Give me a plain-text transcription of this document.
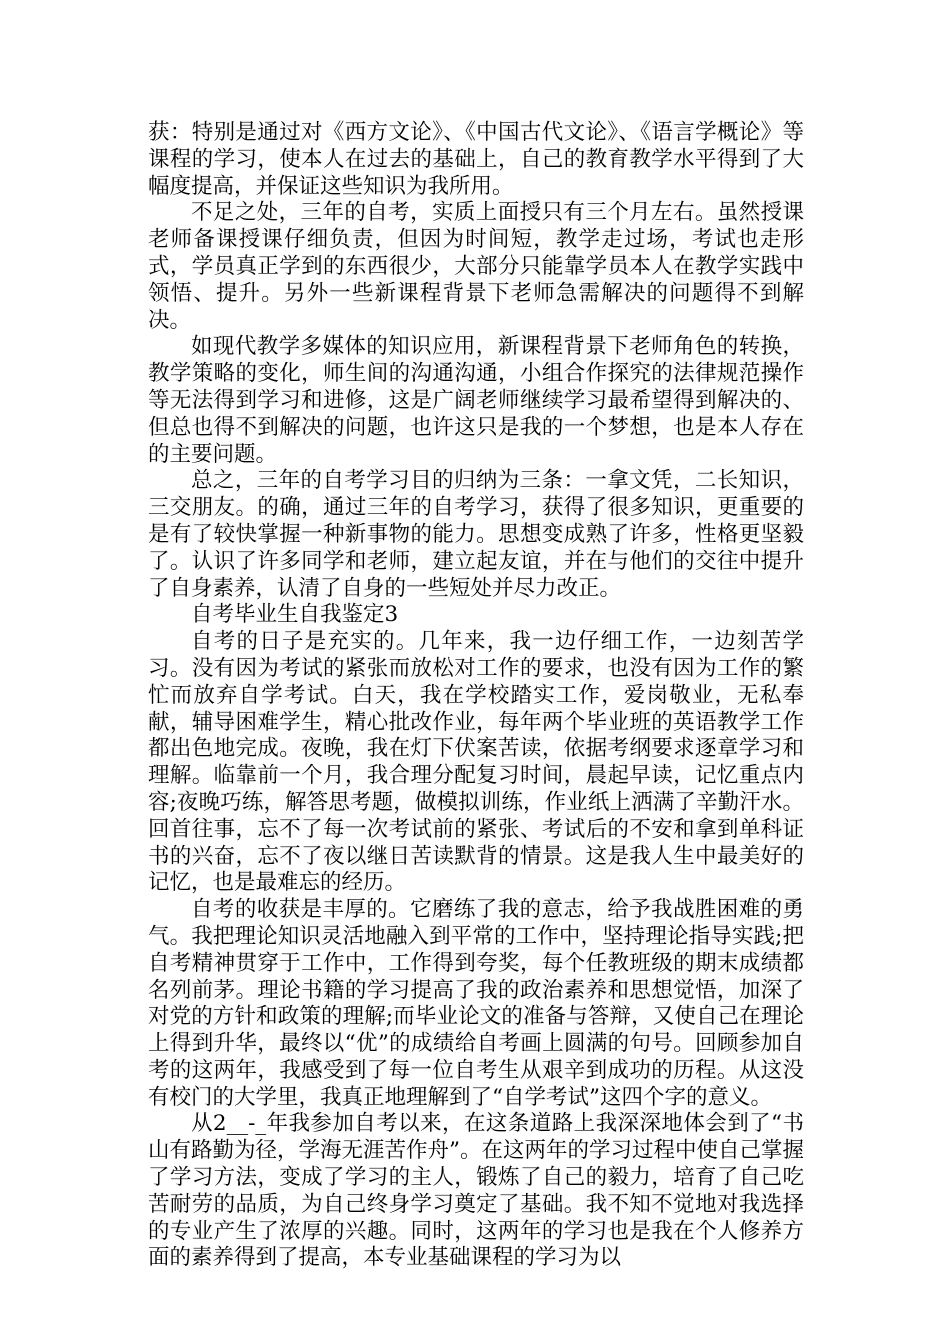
获：特别是通过对《西方文论》、《中国古代文论》、《语言学概论》等课程的学习，使本人在过去的基础上，自己的教育教学水平得到了大幅度提高，并保证这些知识为我所用。

不足之处，三年的自考，实质上面授只有三个月左右。虽然授课老师备课授课仔细负责，但因为时间短，教学走过场，考试也走形式，学员真正学到的东西很少，大部分只能靠学员本人在教学实践中领悟、提升。另外一些新课程背景下老师急需解决的问题得不到解决。

如现代教学多媒体的知识应用，新课程背景下老师角色的转换，教学策略的变化，师生间的沟通沟通，小组合作探究的法律规范操作等无法得到学习和进修，这是广阔老师继续学习最希望得到解决的、但总也得不到解决的问题，也许这只是我的一个梦想，也是本人存在的主要问题。

总之，三年的自考学习目的归纳为三条：一拿文凭，二长知识，三交朋友。的确，通过三年的自考学习，获得了很多知识，更重要的是有了较快掌握一种新事物的能力。思想变成熟了许多，性格更坚毅了。认识了许多同学和老师，建立起友谊，并在与他们的交往中提升了自身素养，认清了自身的一些短处并尽力改正。

自考毕业生自我鉴定3

自考的日子是充实的。几年来，我一边仔细工作，一边刻苦学习。没有因为考试的紧张而放松对工作的要求，也没有因为工作的繁忙而放弃自学考试。白天，我在学校踏实工作，爱岗敬业，无私奉献，辅导困难学生，精心批改作业，每年两个毕业班的英语教学工作都出色地完成。夜晚，我在灯下伏案苦读，依据考纲要求逐章学习和理解。临靠前一个月，我合理分配复习时间，晨起早读，记忆重点内容;夜晚巧练，解答思考题，做模拟训练，作业纸上洒满了辛勤汗水。回首往事，忘不了每一次考试前的紧张、考试后的不安和拿到单科证书的兴奋，忘不了夜以继日苦读默背的情景。这是我人生中最美好的记忆，也是最难忘的经历。

自考的收获是丰厚的。它磨练了我的意志，给予我战胜困难的勇气。我把理论知识灵活地融入到平常的工作中，坚持理论指导实践;把自考精神贯穿于工作中，工作得到夸奖，每个任教班级的期末成绩都名列前茅。理论书籍的学习提高了我的政治素养和思想觉悟，加深了对党的方针和政策的理解;而毕业论文的准备与答辩，又使自己在理论上得到升华，最终以“优”的成绩给自考画上圆满的句号。回顾参加自考的这两年，我感受到了每一位自考生从艰辛到成功的历程。从这没有校门的大学里，我真正地理解到了“自学考试”这四个字的意义。

从2__-_年我参加自考以来，在这条道路上我深深地体会到了“书山有路勤为径，学海无涯苦作舟”。在这两年的学习过程中使自己掌握了学习方法，变成了学习的主人，锻炼了自己的毅力，培育了自己吃苦耐劳的品质，为自己终身学习奠定了基础。我不知不觉地对我选择的专业产生了浓厚的兴趣。同时，这两年的学习也是我在个人修养方面的素养得到了提高，本专业基础课程的学习为以
